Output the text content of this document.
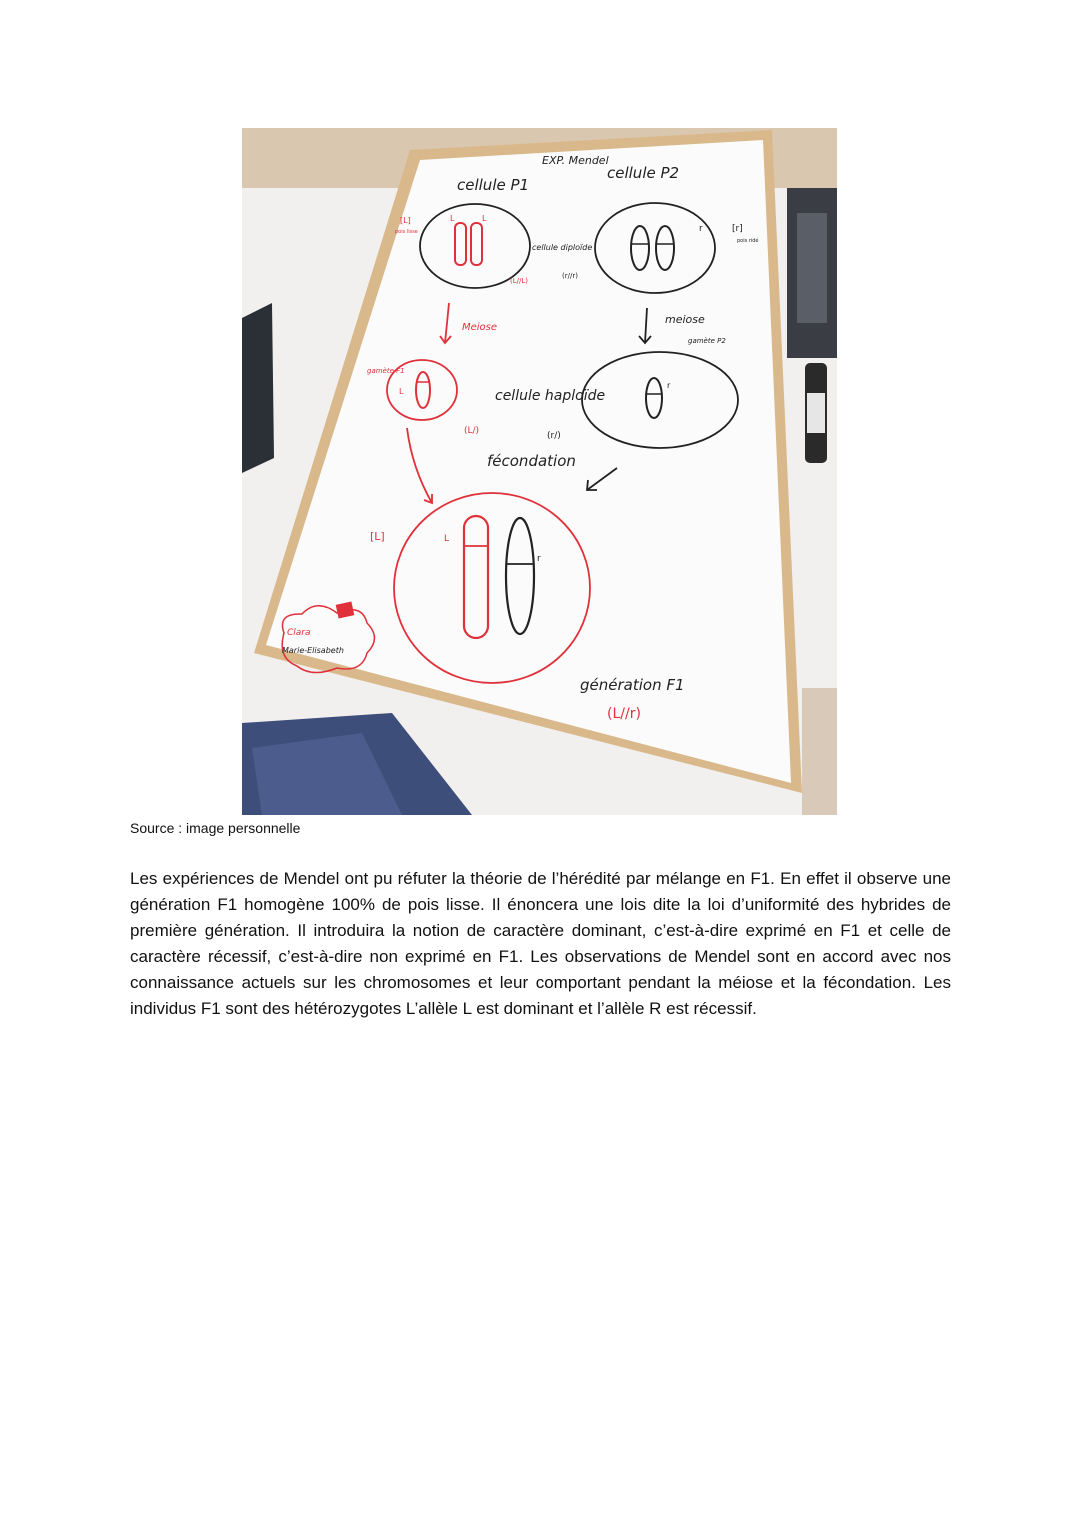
EXP. Mendel
cellule P1
cellule P2
L	L
[L]
pois lisse
cellule diploïde
(L//L)
(r//r)
r	[r]
pois ridé
Meiose
meiose
gamète P2
gamète F1
L	cellule haploïde
(L/)	(r/)
fécondation
r
[L]	L
r
génération F1
(L//r)
Clara
Marie-Elisabeth
Source : image personnelle

Les expériences de Mendel ont pu réfuter la théorie de l’hérédité par mélange en F1. En effet il observe une génération F1 homogène 100% de pois lisse. Il énoncera une lois dite la loi d’uniformité des hybrides de première génération. Il introduira la notion de caractère dominant, c’est-à-dire exprimé en F1 et celle de caractère récessif, c’est-à-dire non exprimé en F1. Les observations de Mendel sont en accord avec nos connaissance actuels sur les chromosomes et leur comportant pendant la méiose et la fécondation. Les individus F1 sont des hétérozygotes L’allèle L est dominant et l’allèle R est récessif.
